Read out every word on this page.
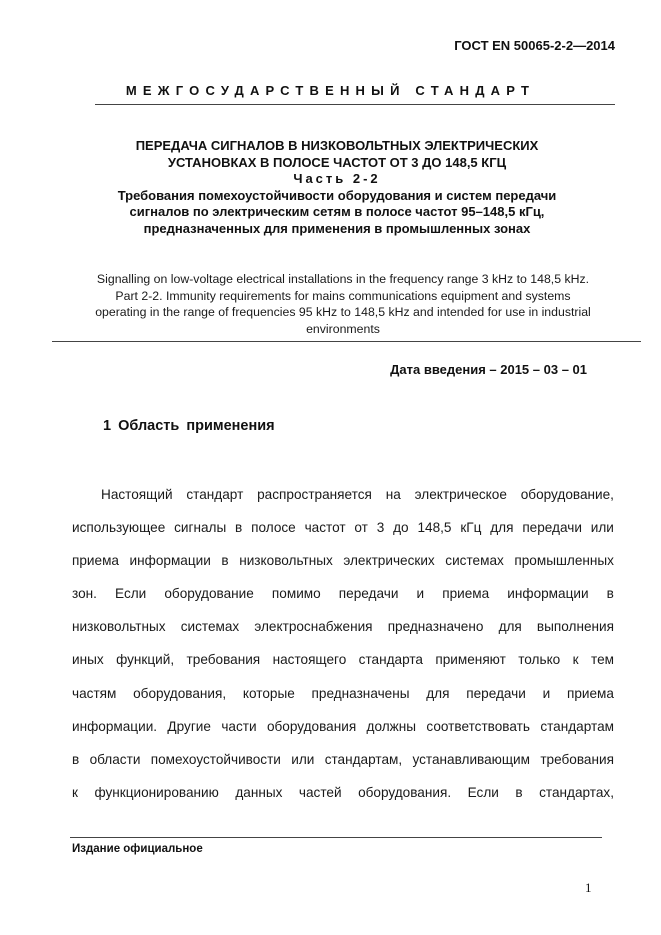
ГОСТ EN 50065-2-2—2014
МЕЖГОСУДАРСТВЕННЫЙ СТАНДАРТ
ПЕРЕДАЧА СИГНАЛОВ В НИЗКОВОЛЬТНЫХ ЭЛЕКТРИЧЕСКИХ
УСТАНОВКАХ В ПОЛОСЕ ЧАСТОТ ОТ 3 ДО 148,5 КГЦ
Часть 2-2
Требования помехоустойчивости оборудования и систем передачи
сигналов по электрическим сетям в полосе частот 95–148,5 кГц,
предназначенных для применения в промышленных зонах
Signalling on low-voltage electrical installations in the frequency range 3 kHz to 148,5 kHz.
Part 2-2. Immunity requirements for mains communications equipment and systems
operating in the range of frequencies 95 kHz to 148,5 kHz and intended for use in industrial
environments
Дата введения – 2015 – 03 – 01
1 Область применения
Настоящий стандарт распространяется на электрическое оборудование,
использующее сигналы в полосе частот от 3 до 148,5 кГц для передачи или
приема информации в низковольтных электрических системах промышленных
зон. Если оборудование помимо передачи и приема информации в
низковольтных системах электроснабжения предназначено для выполнения
иных функций, требования настоящего стандарта применяют только к тем
частям оборудования, которые предназначены для передачи и приема
информации. Другие части оборудования должны соответствовать стандартам
в области помехоустойчивости или стандартам, устанавливающим требования
к функционированию данных частей оборудования. Если в стандартах,
Издание официальное
1
